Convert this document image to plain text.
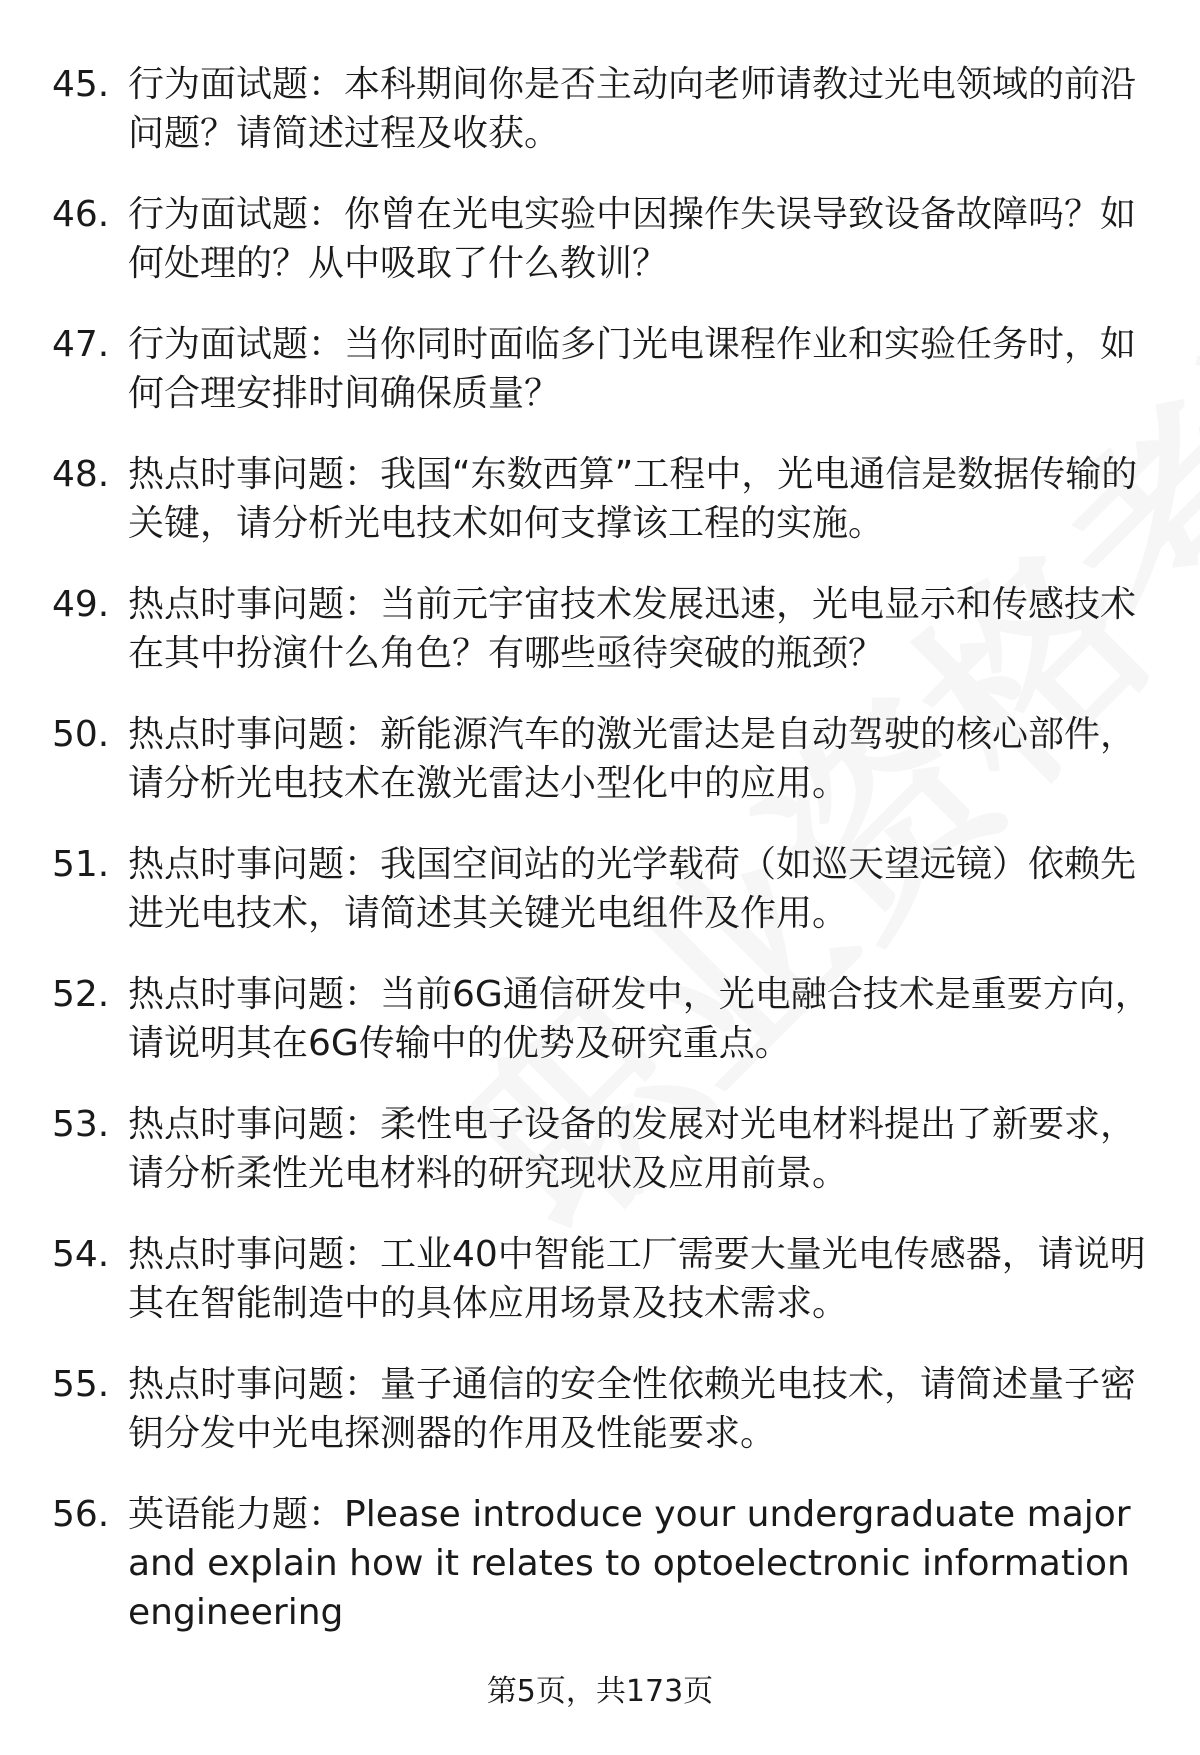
45. 行为面试题：本科期间你是否主动向老师请教过光电领域的前沿问题？请简述过程及收获。
46. 行为面试题：你曾在光电实验中因操作失误导致设备故障吗？如何处理的？从中吸取了什么教训？
47. 行为面试题：当你同时面临多门光电课程作业和实验任务时，如何合理安排时间确保质量？
48. 热点时事问题：我国“东数西算”工程中，光电通信是数据传输的关键，请分析光电技术如何支撑该工程的实施。
49. 热点时事问题：当前元宇宙技术发展迅速，光电显示和传感技术在其中扮演什么角色？有哪些亟待突破的瓶颈？
50. 热点时事问题：新能源汽车的激光雷达是自动驾驶的核心部件，请分析光电技术在激光雷达小型化中的应用。
51. 热点时事问题：我国空间站的光学载荷（如巡天望远镜）依赖先进光电技术，请简述其关键光电组件及作用。
52. 热点时事问题：当前6G通信研发中，光电融合技术是重要方向，请说明其在6G传输中的优势及研究重点。
53. 热点时事问题：柔性电子设备的发展对光电材料提出了新要求，请分析柔性光电材料的研究现状及应用前景。
54. 热点时事问题：工业40中智能工厂需要大量光电传感器，请说明其在智能制造中的具体应用场景及技术需求。
55. 热点时事问题：量子通信的安全性依赖光电技术，请简述量子密钥分发中光电探测器的作用及性能要求。
56. 英语能力题：Please introduce your undergraduate major and explain how it relates to optoelectronic information engineering
第5页，共173页
